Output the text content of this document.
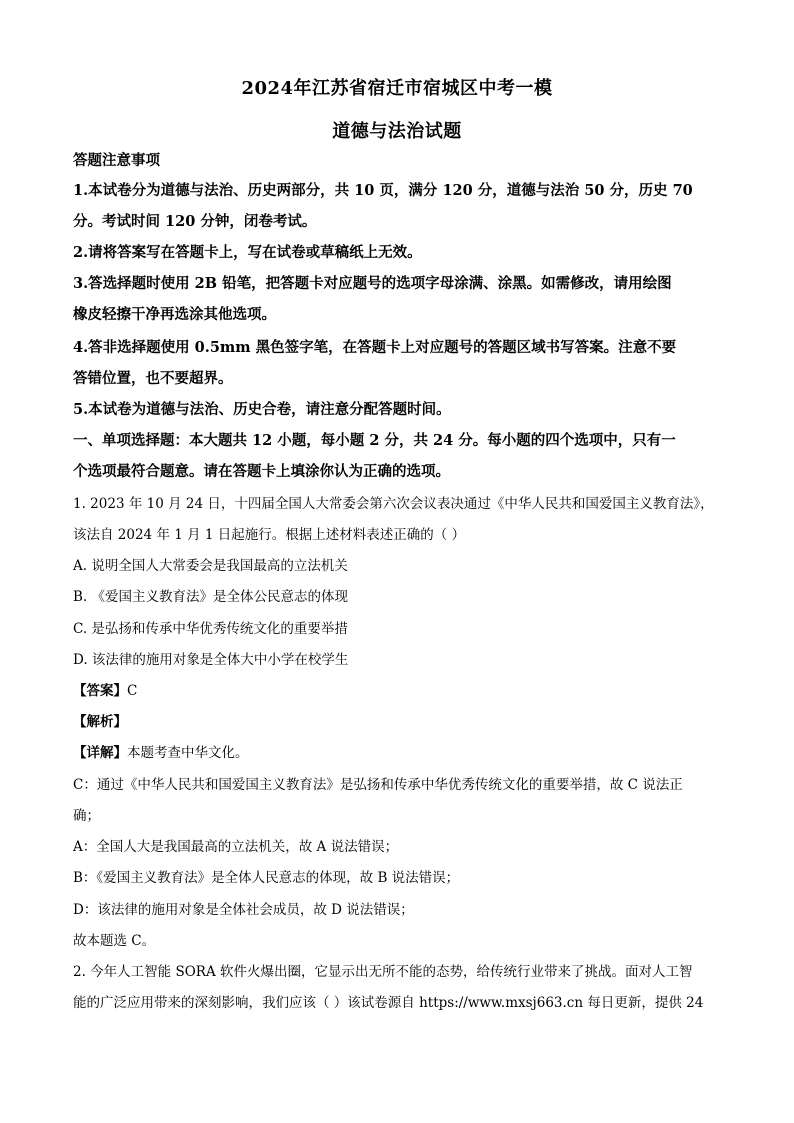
2024年江苏省宿迁市宿城区中考一模
道德与法治试题
答题注意事项
1.本试卷分为道德与法治、历史两部分，共 10 页，满分 120 分，道德与法治 50 分，历史 70
分。考试时间 120 分钟，闭卷考试。
2.请将答案写在答题卡上，写在试卷或草稿纸上无效。
3.答选择题时使用 2B 铅笔，把答题卡对应题号的选项字母涂满、涂黑。如需修改，请用绘图
橡皮轻擦干净再选涂其他选项。
4.答非选择题使用 0.5mm 黑色签字笔，在答题卡上对应题号的答题区域书写答案。注意不要
答错位置，也不要超界。
5.本试卷为道德与法治、历史合卷，请注意分配答题时间。
一、单项选择题：本大题共 12 小题，每小题 2 分，共 24 分。每小题的四个选项中，只有一
个选项最符合题意。请在答题卡上填涂你认为正确的选项。
1. 2023 年 10 月 24 日，十四届全国人大常委会第六次会议表决通过《中华人民共和国爱国主义教育法》，
该法自 2024 年 1 月 1 日起施行。根据上述材料表述正确的（ ）
A. 说明全国人大常委会是我国最高的立法机关
B. 《爱国主义教育法》是全体公民意志的体现
C. 是弘扬和传承中华优秀传统文化的重要举措
D. 该法律的施用对象是全体大中小学在校学生
【答案】C
【解析】
【详解】本题考查中华文化。
C：通过《中华人民共和国爱国主义教育法》是弘扬和传承中华优秀传统文化的重要举措，故 C 说法正
确；
A：全国人大是我国最高的立法机关，故 A 说法错误；
B：《爱国主义教育法》是全体人民意志的体现，故 B 说法错误；
D：该法律的施用对象是全体社会成员，故 D 说法错误；
故本题选 C。
2. 今年人工智能 SORA 软件火爆出圈，它显示出无所不能的态势，给传统行业带来了挑战。面对人工智
能的广泛应用带来的深刻影响，我们应该（ ）该试卷源自 https://www.mxsj663.cn 每日更新，提供 24
